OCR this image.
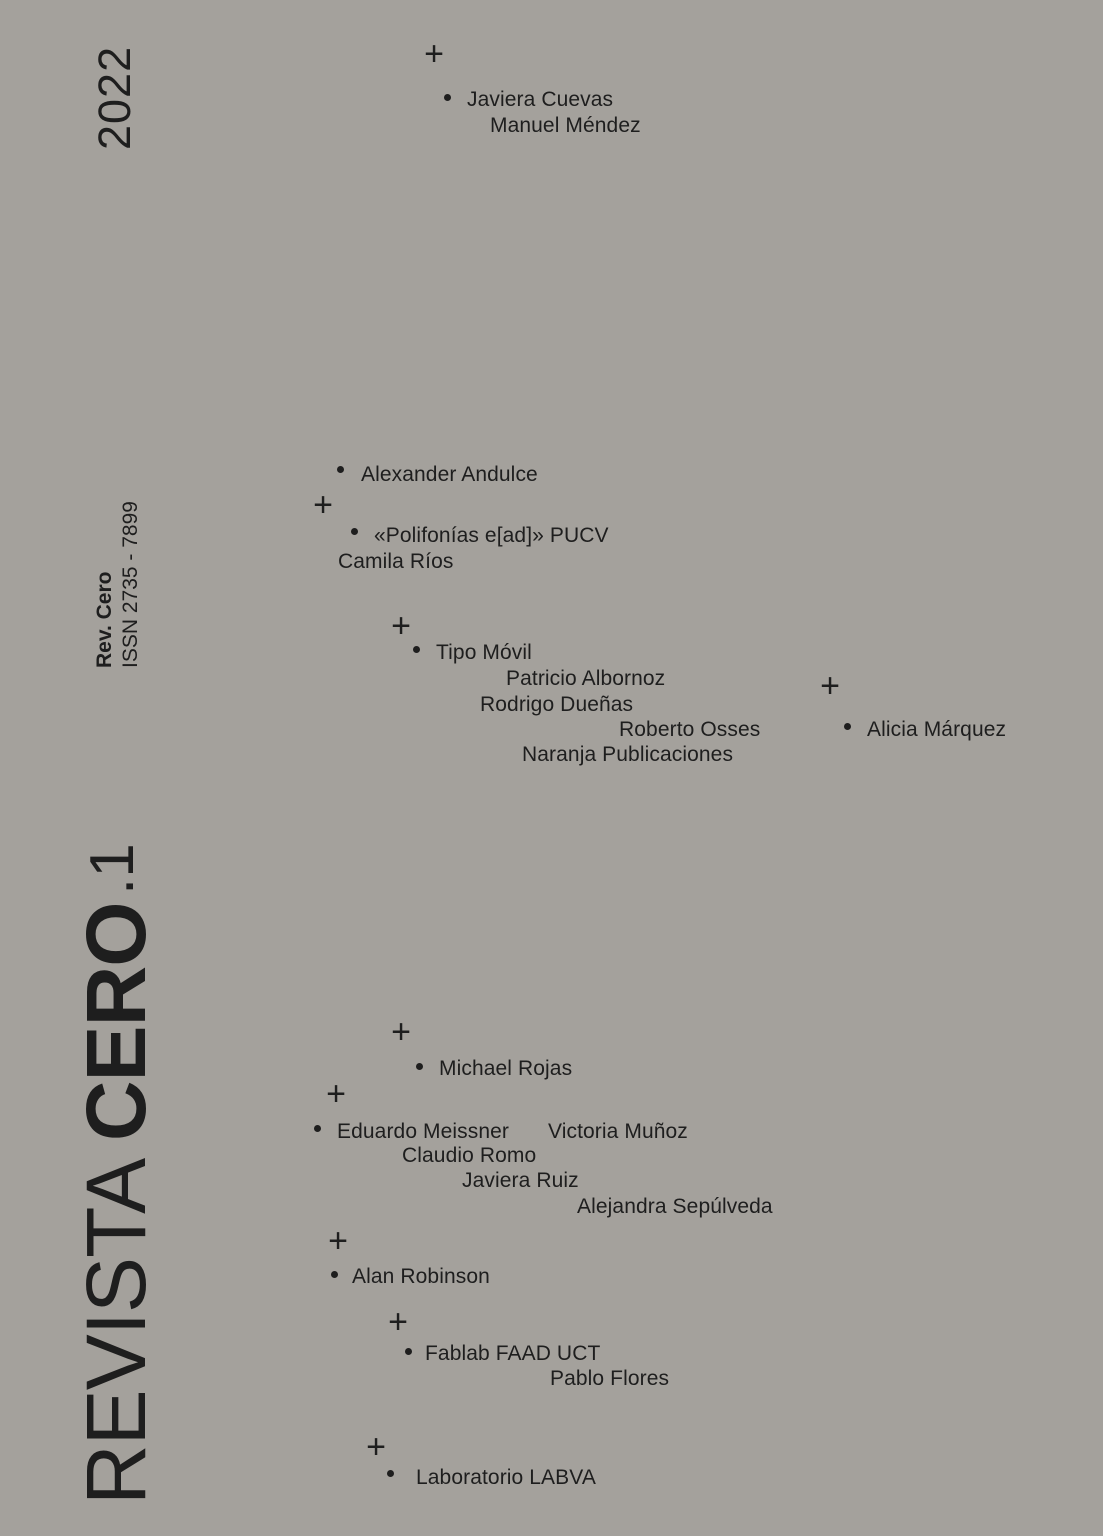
2022
Rev. Cero ISSN 2735 - 7899
REVISTA CERO
.1
+
Javiera Cuevas
Manuel Méndez
Alexander Andulce
+
«Polifonías e[ad]» PUCV
Camila Ríos
+
Tipo Móvil
Patricio Albornoz
Rodrigo Dueñas
Roberto Osses
Naranja Publicaciones
+
Alicia Márquez
+
Michael Rojas
+
Eduardo Meissner Victoria Muñoz
Claudio Romo
Javiera Ruiz
Alejandra Sepúlveda
+
Alan Robinson
+
Fablab FAAD UCT
Pablo Flores
+
Laboratorio LABVA
